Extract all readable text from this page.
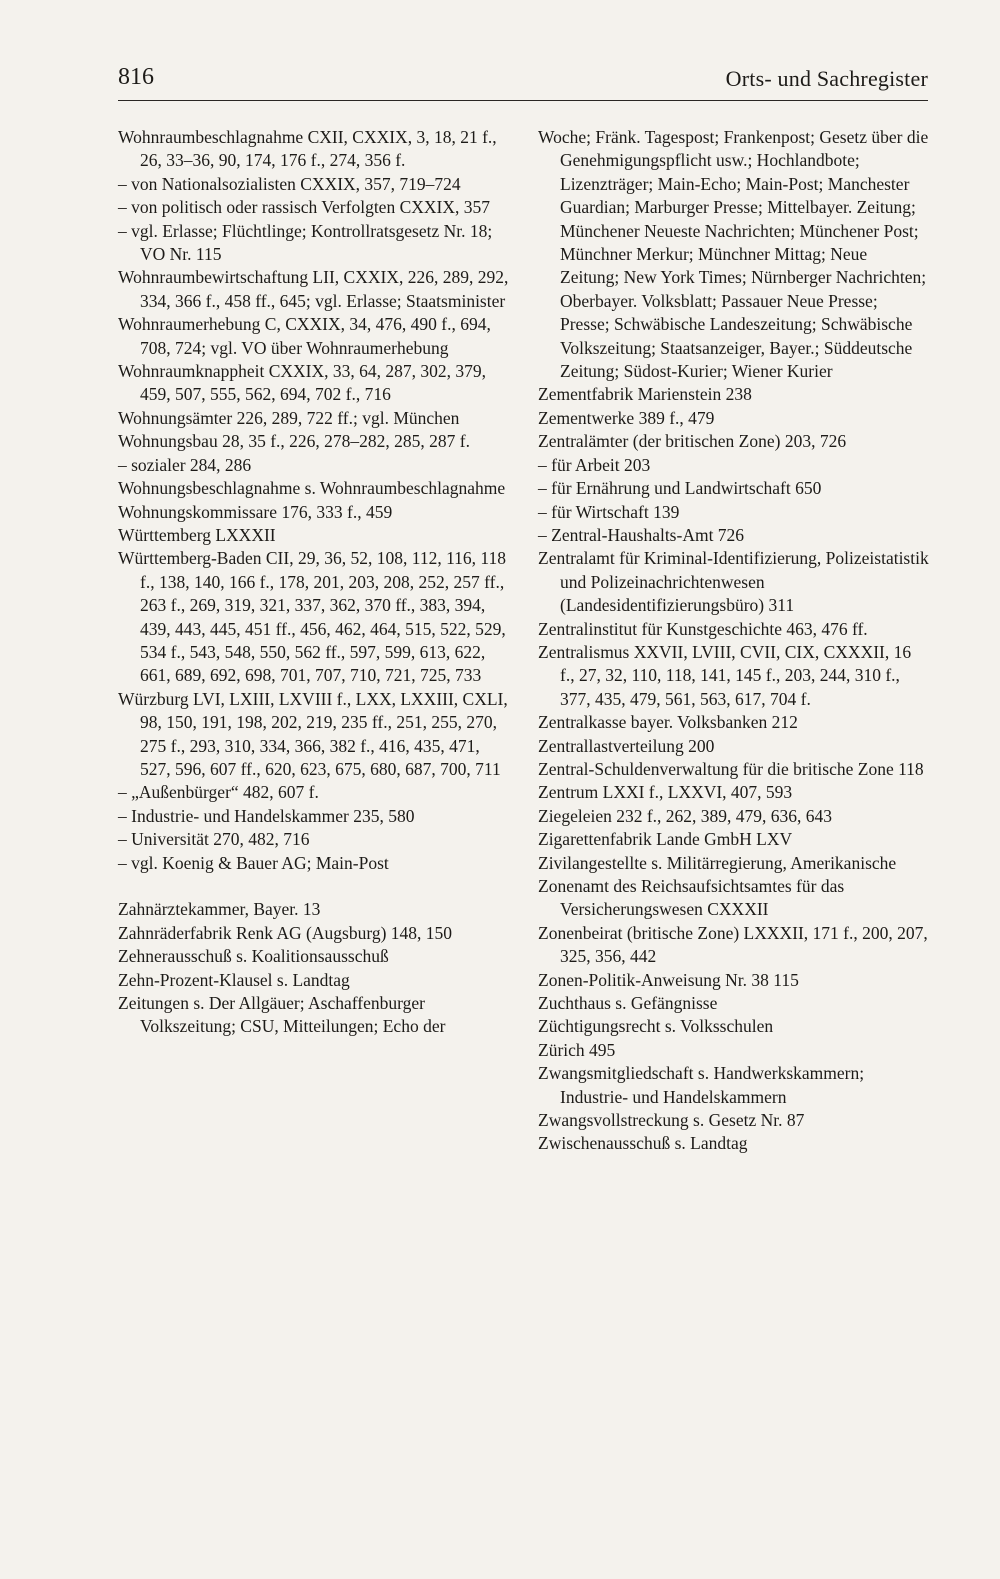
816	Orts- und Sachregister
Wohnraumbeschlagnahme CXII, CXXIX, 3, 18, 21 f., 26, 33–36, 90, 174, 176 f., 274, 356 f.
– von Nationalsozialisten CXXIX, 357, 719–724
– von politisch oder rassisch Verfolgten CXXIX, 357
– vgl. Erlasse; Flüchtlinge; Kontrollratsgesetz Nr. 18; VO Nr. 115
Wohnraumbewirtschaftung LII, CXXIX, 226, 289, 292, 334, 366 f., 458 ff., 645; vgl. Erlasse; Staatsminister
Wohnraumerhebung C, CXXIX, 34, 476, 490 f., 694, 708, 724; vgl. VO über Wohnraumerhebung
Wohnraumknappheit CXXIX, 33, 64, 287, 302, 379, 459, 507, 555, 562, 694, 702 f., 716
Wohnungsämter 226, 289, 722 ff.; vgl. München
Wohnungsbau 28, 35 f., 226, 278–282, 285, 287 f.
– sozialer 284, 286
Wohnungsbeschlagnahme s. Wohnraumbeschlagnahme
Wohnungskommissare 176, 333 f., 459
Württemberg LXXXII
Württemberg-Baden CII, 29, 36, 52, 108, 112, 116, 118 f., 138, 140, 166 f., 178, 201, 203, 208, 252, 257 ff., 263 f., 269, 319, 321, 337, 362, 370 ff., 383, 394, 439, 443, 445, 451 ff., 456, 462, 464, 515, 522, 529, 534 f., 543, 548, 550, 562 ff., 597, 599, 613, 622, 661, 689, 692, 698, 701, 707, 710, 721, 725, 733
Würzburg LVI, LXIII, LXVIII f., LXX, LXXIII, CXLI, 98, 150, 191, 198, 202, 219, 235 ff., 251, 255, 270, 275 f., 293, 310, 334, 366, 382 f., 416, 435, 471, 527, 596, 607 ff., 620, 623, 675, 680, 687, 700, 711
– „Außenbürger“ 482, 607 f.
– Industrie- und Handelskammer 235, 580
– Universität 270, 482, 716
– vgl. Koenig & Bauer AG; Main-Post
Zahnärztekammer, Bayer. 13
Zahnräderfabrik Renk AG (Augsburg) 148, 150
Zehnerausschuß s. Koalitionsausschuß
Zehn-Prozent-Klausel s. Landtag
Zeitungen s. Der Allgäuer; Aschaffenburger Volkszeitung; CSU, Mitteilungen; Echo der
Woche; Fränk. Tagespost; Frankenpost; Gesetz über die Genehmigungspflicht usw.; Hochlandbote; Lizenzträger; Main-Echo; Main-Post; Manchester Guardian; Marburger Presse; Mittelbayer. Zeitung; Münchener Neueste Nachrichten; Münchener Post; Münchner Merkur; Münchner Mittag; Neue Zeitung; New York Times; Nürnberger Nachrichten; Oberbayer. Volksblatt; Passauer Neue Presse; Presse; Schwäbische Landeszeitung; Schwäbische Volkszeitung; Staatsanzeiger, Bayer.; Süddeutsche Zeitung; Südost-Kurier; Wiener Kurier
Zementfabrik Marienstein 238
Zementwerke 389 f., 479
Zentralämter (der britischen Zone) 203, 726
– für Arbeit 203
– für Ernährung und Landwirtschaft 650
– für Wirtschaft 139
– Zentral-Haushalts-Amt 726
Zentralamt für Kriminal-Identifizierung, Polizeistatistik und Polizeinachrichtenwesen (Landesidentifizierungsbüro) 311
Zentralinstitut für Kunstgeschichte 463, 476 ff.
Zentralismus XXVII, LVIII, CVII, CIX, CXXXII, 16 f., 27, 32, 110, 118, 141, 145 f., 203, 244, 310 f., 377, 435, 479, 561, 563, 617, 704 f.
Zentralkasse bayer. Volksbanken 212
Zentrallastverteilung 200
Zentral-Schuldenverwaltung für die britische Zone 118
Zentrum LXXI f., LXXVI, 407, 593
Ziegeleien 232 f., 262, 389, 479, 636, 643
Zigarettenfabrik Lande GmbH LXV
Zivilangestellte s. Militärregierung, Amerikanische
Zonenamt des Reichsaufsichtsamtes für das Versicherungswesen CXXXII
Zonenbeirat (britische Zone) LXXXII, 171 f., 200, 207, 325, 356, 442
Zonen-Politik-Anweisung Nr. 38 115
Zuchthaus s. Gefängnisse
Züchtigungsrecht s. Volksschulen
Zürich 495
Zwangsmitgliedschaft s. Handwerkskammern; Industrie- und Handelskammern
Zwangsvollstreckung s. Gesetz Nr. 87
Zwischenausschuß s. Landtag
